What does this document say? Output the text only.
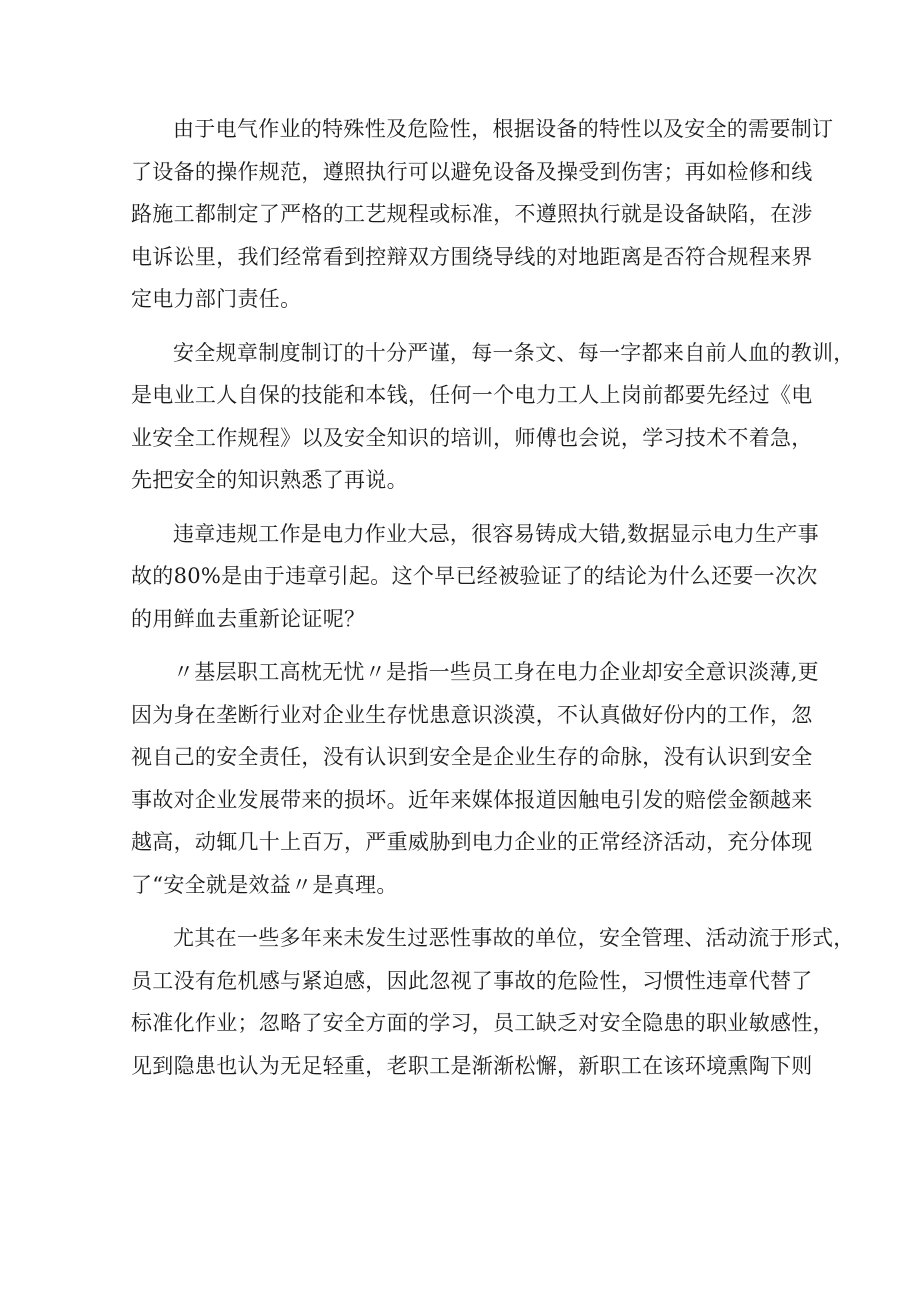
由于电气作业的特殊性及危险性，根据设备的特性以及安全的需要制订
了设备的操作规范，遵照执行可以避免设备及操受到伤害；再如检修和线
路施工都制定了严格的工艺规程或标准，不遵照执行就是设备缺陷，在涉
电诉讼里，我们经常看到控辩双方围绕导线的对地距离是否符合规程来界
定电力部门责任。

安全规章制度制订的十分严谨，每一条文、每一字都来自前人血的教训，
是电业工人自保的技能和本钱，任何一个电力工人上岗前都要先经过《电
业安全工作规程》以及安全知识的培训，师傅也会说，学习技术不着急，
先把安全的知识熟悉了再说。

违章违规工作是电力作业大忌，很容易铸成大错,数据显示电力生产事
故的80%是由于违章引起。这个早已经被验证了的结论为什么还要一次次
的用鲜血去重新论证呢？

〃基层职工高枕无忧〃是指一些员工身在电力企业却安全意识淡薄,更
因为身在垄断行业对企业生存忧患意识淡漠，不认真做好份内的工作，忽
视自己的安全责任，没有认识到安全是企业生存的命脉，没有认识到安全
事故对企业发展带来的损坏。近年来媒体报道因触电引发的赔偿金额越来
越高，动辄几十上百万，严重威胁到电力企业的正常经济活动，充分体现
了“安全就是效益〃是真理。

尤其在一些多年来未发生过恶性事故的单位，安全管理、活动流于形式，
员工没有危机感与紧迫感，因此忽视了事故的危险性，习惯性违章代替了
标准化作业；忽略了安全方面的学习，员工缺乏对安全隐患的职业敏感性，
见到隐患也认为无足轻重，老职工是渐渐松懈，新职工在该环境熏陶下则
